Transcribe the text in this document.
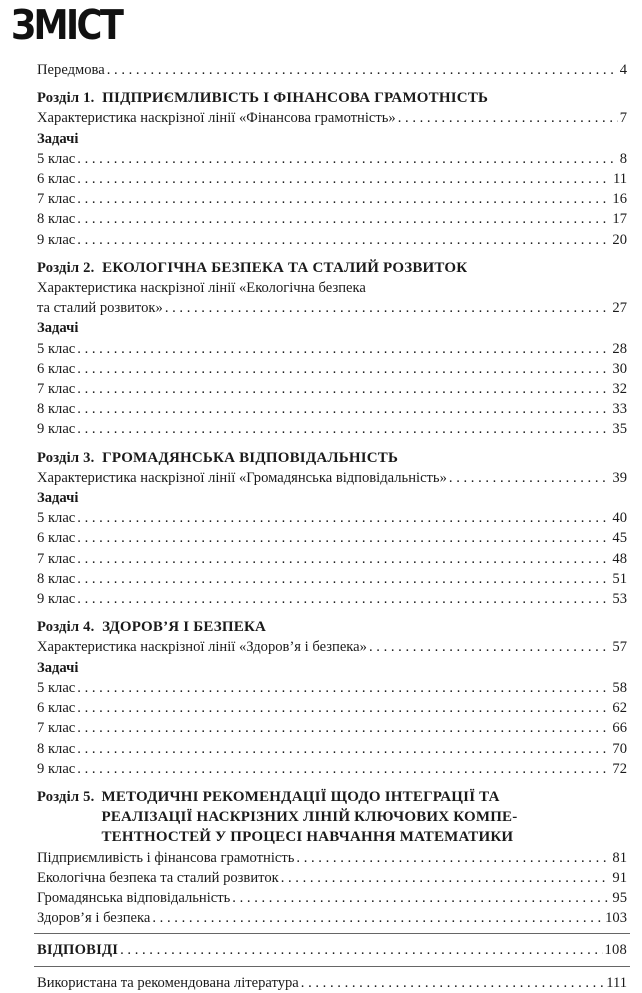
ЗМІСТ
Передмова . . .	4
Розділ 1. ПІДПРИЄМЛИВІСТЬ І ФІНАНСОВА ГРАМОТНІСТЬ
Характеристика наскрізної лінії «Фінансова грамотність» . . .	7
Задачі
5 клас . . .	8
6 клас . . .	11
7 клас . . .	16
8 клас . . .	17
9 клас . . .	20
Розділ 2. ЕКОЛОГІЧНА БЕЗПЕКА ТА СТАЛИЙ РОЗВИТОК
Характеристика наскрізної лінії «Екологічна безпека
та сталий розвиток» . . .	27
Задачі
5 клас . . .	28
6 клас . . .	30
7 клас . . .	32
8 клас . . .	33
9 клас . . .	35
Розділ 3. ГРОМАДЯНСЬКА ВІДПОВІДАЛЬНІСТЬ
Характеристика наскрізної лінії «Громадянська відповідальність» . . .	39
Задачі
5 клас . . .	40
6 клас . . .	45
7 клас . . .	48
8 клас . . .	51
9 клас . . .	53
Розділ 4. ЗДОРОВ’Я І БЕЗПЕКА
Характеристика наскрізної лінії «Здоров’я і безпека» . . .	57
Задачі
5 клас . . .	58
6 клас . . .	62
7 клас . . .	66
8 клас . . .	70
9 клас . . .	72
Розділ 5. МЕТОДИЧНІ РЕКОМЕНДАЦІЇ ЩОДО ІНТЕГРАЦІЇ ТА
РЕАЛІЗАЦІЇ НАСКРІЗНИХ ЛІНІЙ КЛЮЧОВИХ КОМПЕ-
ТЕНТНОСТЕЙ У ПРОЦЕСІ НАВЧАННЯ МАТЕМАТИКИ
Підприємливість і фінансова грамотність . . .	81
Екологічна безпека та сталий розвиток . . .	91
Громадянська відповідальність . . .	95
Здоров’я і безпека . . .	103
ВІДПОВІДІ . . .	108
Використана та рекомендована література . . .	111
